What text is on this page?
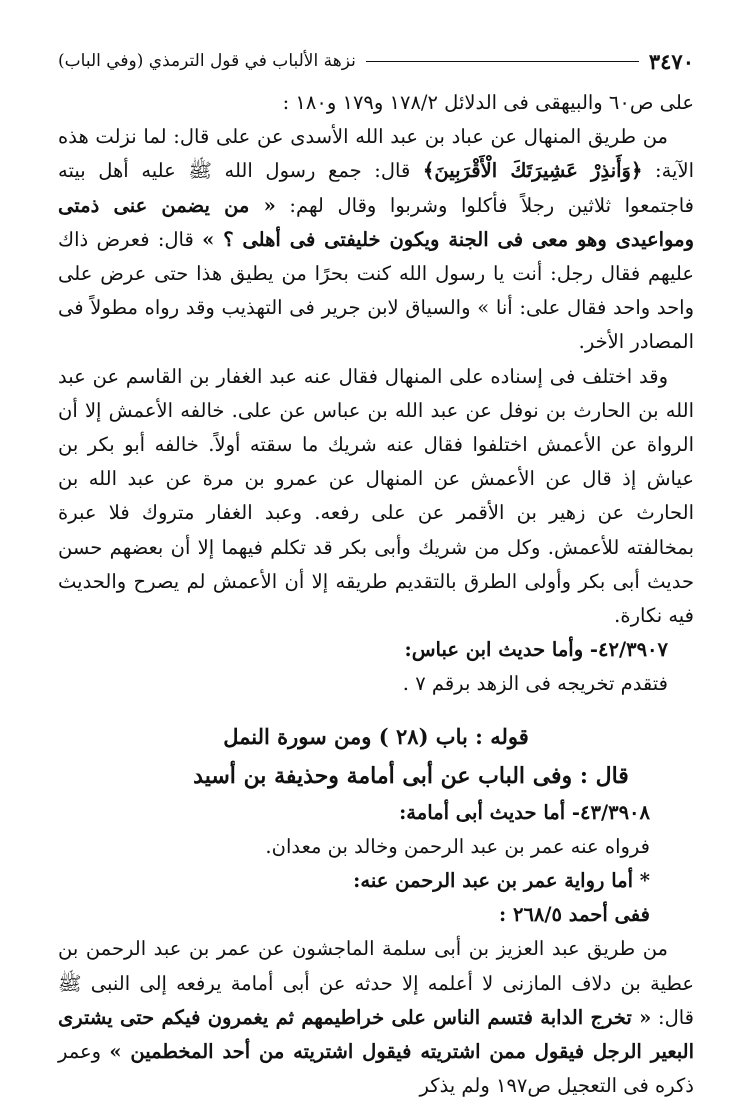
٣٤٧٠
نزهة الألباب في قول الترمذي (وفي الباب)

على ص٦٠ والبيهقى فى الدلائل ١٧٨/٢ و١٧٩ و١٨٠ :

من طريق المنهال عن عباد بن عبد الله الأسدى عن على قال: لما نزلت هذه الآية: ﴿وَأَنذِرْ عَشِيرَتَكَ الْأَقْرَبِينَ﴾ قال: جمع رسول الله ﷺ عليه أهل بيته فاجتمعوا ثلاثين رجلاً فأكلوا وشربوا وقال لهم: « من يضمن عنى ذمتى ومواعيدى وهو معى فى الجنة ويكون خليفتى فى أهلى ؟ » قال: فعرض ذاك عليهم فقال رجل: أنت يا رسول الله كنت بحرًا من يطيق هذا حتى عرض على واحد واحد فقال على: أنا » والسياق لابن جرير فى التهذيب وقد رواه مطولاً فى المصادر الأخر.

وقد اختلف فى إسناده على المنهال فقال عنه عبد الغفار بن القاسم عن عبد الله بن الحارث بن نوفل عن عبد الله بن عباس عن على. خالفه الأعمش إلا أن الرواة عن الأعمش اختلفوا فقال عنه شريك ما سقته أولاً. خالفه أبو بكر بن عياش إذ قال عن الأعمش عن المنهال عن عمرو بن مرة عن عبد الله بن الحارث عن زهير بن الأقمر عن على رفعه. وعبد الغفار متروك فلا عبرة بمخالفته للأعمش. وكل من شريك وأبى بكر قد تكلم فيهما إلا أن بعضهم حسن حديث أبى بكر وأولى الطرق بالتقديم طريقه إلا أن الأعمش لم يصرح والحديث فيه نكارة.

٤٢/٣٩٠٧- وأما حديث ابن عباس:

فتقدم تخريجه فى الزهد برقم ٧ .

قوله : باب (٢٨ ) ومن سورة النمل

قال : وفى الباب عن أبى أمامة وحذيفة بن أسيد

٤٣/٣٩٠٨- أما حديث أبى أمامة:

فرواه عنه عمر بن عبد الرحمن وخالد بن معدان.

* أما رواية عمر بن عبد الرحمن عنه:

ففى أحمد ٢٦٨/٥ :

من طريق عبد العزيز بن أبى سلمة الماجشون عن عمر بن عبد الرحمن بن عطية بن دلاف المازنى لا أعلمه إلا حدثه عن أبى أمامة يرفعه إلى النبى ﷺ قال: « تخرج الدابة فتسم الناس على خراطيمهم ثم يغمرون فيكم حتى يشترى البعير الرجل فيقول ممن اشتريته فيقول اشتريته من أحد المخطمين » وعمر ذكره فى التعجيل ص١٩٧ ولم يذكر
